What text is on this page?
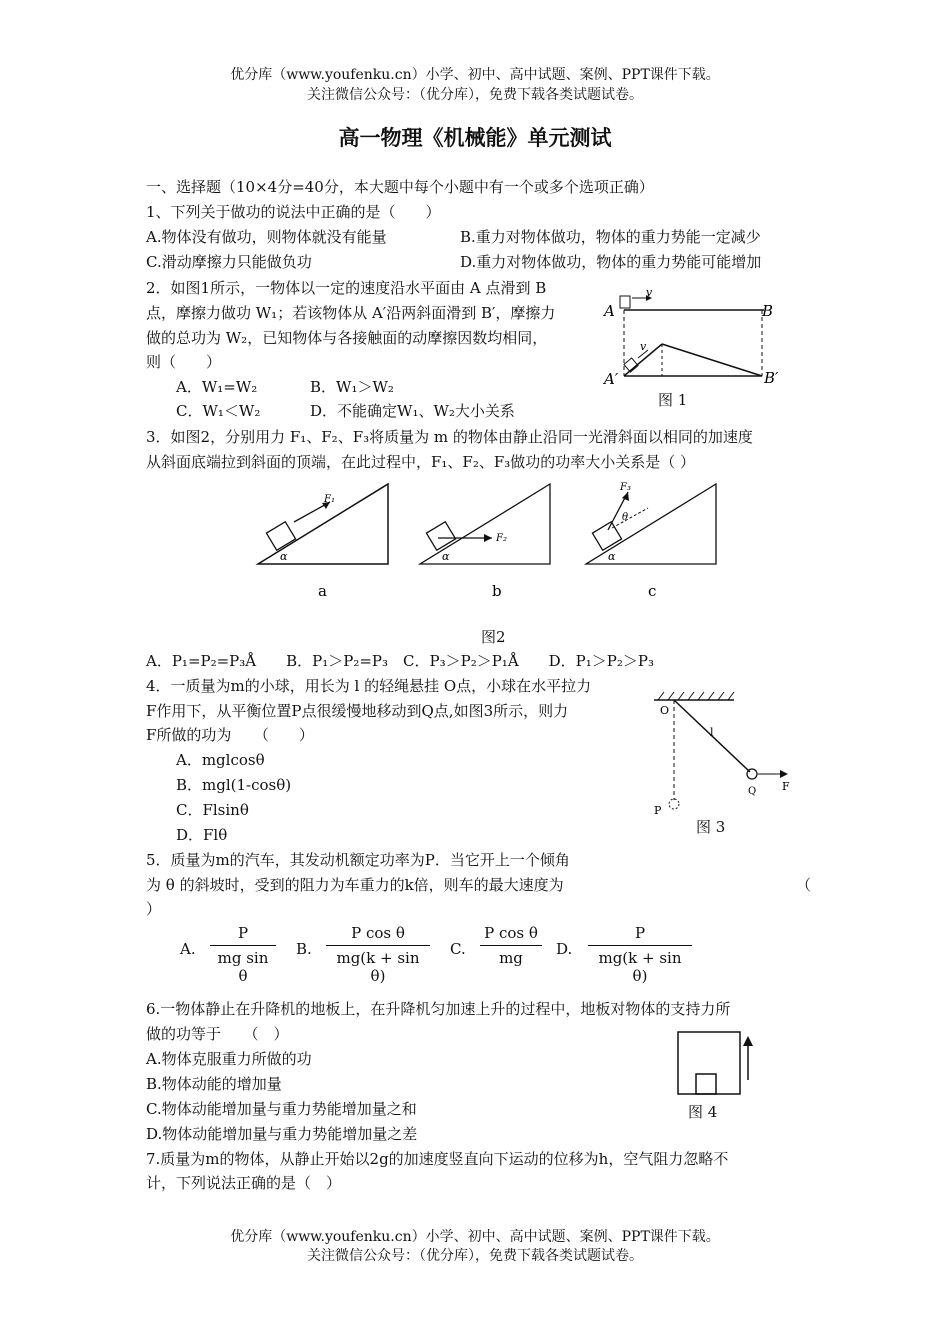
优分库（www.youfenku.cn）小学、初中、高中试题、案例、PPT课件下载。
关注微信公众号：（优分库），免费下载各类试题试卷。
高一物理《机械能》单元测试
一、选择题（10×4分=40分，本大题中每个小题中有一个或多个选项正确）
1、下列关于做功的说法中正确的是（　　）
A.物体没有做功，则物体就没有能量	B.重力对物体做功，物体的重力势能一定减少
C.滑动摩擦力只能做负功	D.重力对物体做功，物体的重力势能可能增加
2．如图1所示，一物体以一定的速度沿水平面由 A 点滑到 B
点，摩擦力做功 W₁；若该物体从 A′沿两斜面滑到 B′，摩擦力
做的总功为 W₂，已知物体与各接触面的动摩擦因数均相同，
则（　　）
A．W₁=W₂	B．W₁＞W₂
C．W₁＜W₂	D．不能确定W₁、W₂大小关系
v
A	B
v
A′	B′
图 1
3．如图2，分别用力 F₁、F₂、F₃将质量为 m 的物体由静止沿同一光滑斜面以相同的加速度
从斜面底端拉到斜面的顶端，在此过程中，F₁、F₂、F₃做功的功率大小关系是（ ）
F₁
α
a
F₂
α
b
F₃
θ
α
c
图2
A．P₁=P₂=P₃Å　　B．P₁＞P₂=P₃　C．P₃＞P₂＞P₁Å　　D．P₁＞P₂＞P₃
4．一质量为m的小球，用长为 l 的轻绳悬挂 O点，小球在水平拉力
F作用下，从平衡位置P点很缓慢地移动到Q点,如图3所示，则力
F所做的功为　　（　　）
A．mglcosθ
B．mgl(1-cosθ)
C．Flsinθ
D．Flθ
O
P
l
Q F
图 3
5．质量为m的汽车，其发动机额定功率为P．当它开上一个倾角
为 θ 的斜坡时，受到的阻力为车重力的k倍，则车的最大速度为	（
）
A. $\frac{P}{\text{mg sin θ}} B$. $\frac{\text{P cos θ}}{\text{mg(k + sin θ)}} C$. $\frac{\text{P cos θ}}{mg} D$. $\frac{P}{\text{mg(k + sin θ)}}$
6.一物体静止在升降机的地板上，在升降机匀加速上升的过程中，地板对物体的支持力所
做的功等于　　（　）
A.物体克服重力所做的功
B.物体动能的增加量
C.物体动能增加量与重力势能增加量之和
D.物体动能增加量与重力势能增加量之差
图 4
7.质量为m的物体，从静止开始以2g的加速度竖直向下运动的位移为h，空气阻力忽略不
计，下列说法正确的是（　）
优分库（www.youfenku.cn）小学、初中、高中试题、案例、PPT课件下载。
关注微信公众号：（优分库），免费下载各类试题试卷。
